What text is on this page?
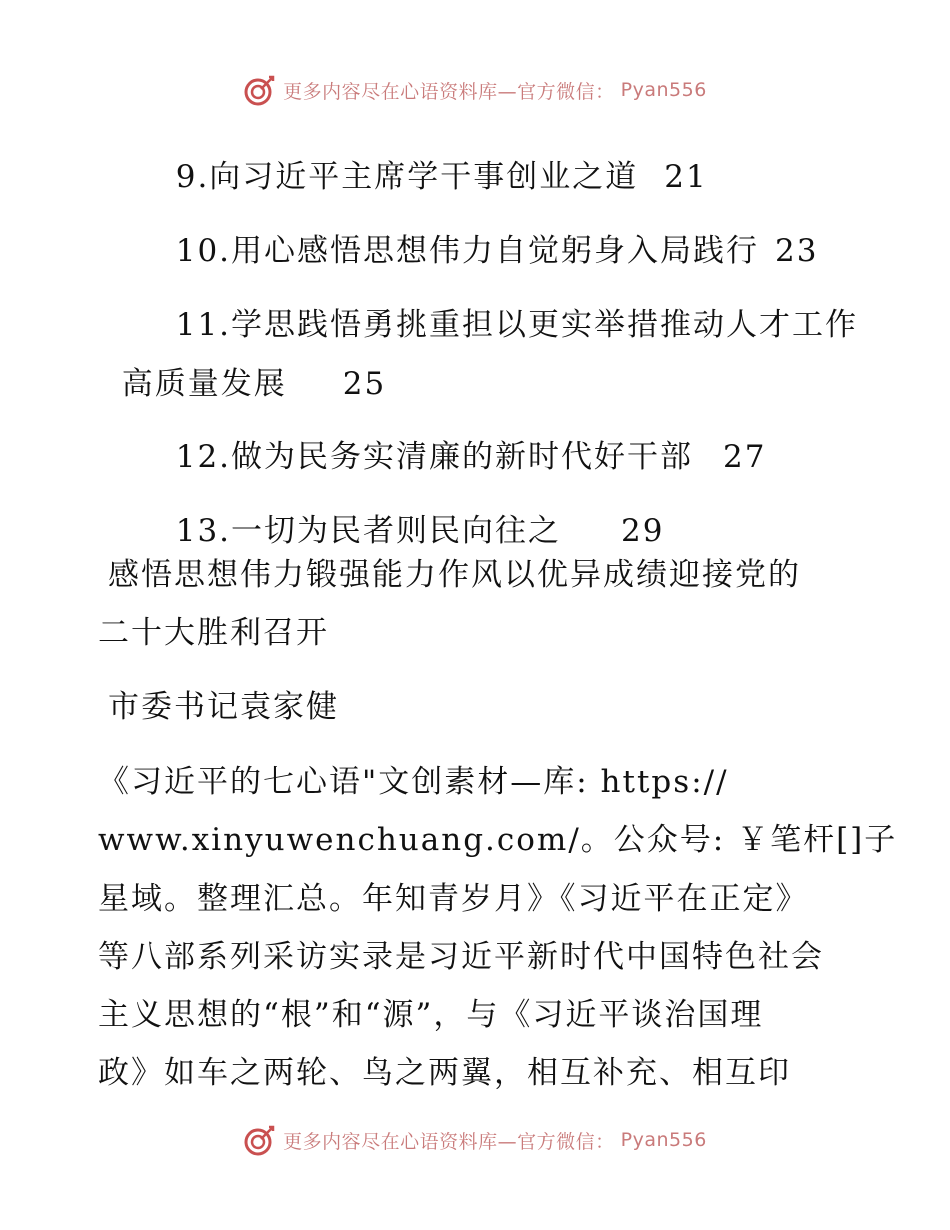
更多内容尽在心语资料库—官方微信： Pyan556

9.向习近平主席学干事创业之道 21

10.用心感悟思想伟力自觉躬身入局践行 23

11.学思践悟勇挑重担以更实举措推动人才工作

高质量发展 25

12.做为民务实清廉的新时代好干部 27

13.一切为民者则民向往之 29

感悟思想伟力锻强能力作风以优异成绩迎接党的
二十大胜利召开
市委书记袁家健
《习近平的七心语"文创素材—库: https://
www.xinyuwenchuang.com/。公众号: ￥笔杆[]子
星域。整理汇总。年知青岁月》《习近平在正定》
等八部系列采访实录是习近平新时代中国特色社会
主义思想的“根”和“源”，与《习近平谈治国理
政》如车之两轮、鸟之两翼，相互补充、相互印
更多内容尽在心语资料库—官方微信： Pyan556
